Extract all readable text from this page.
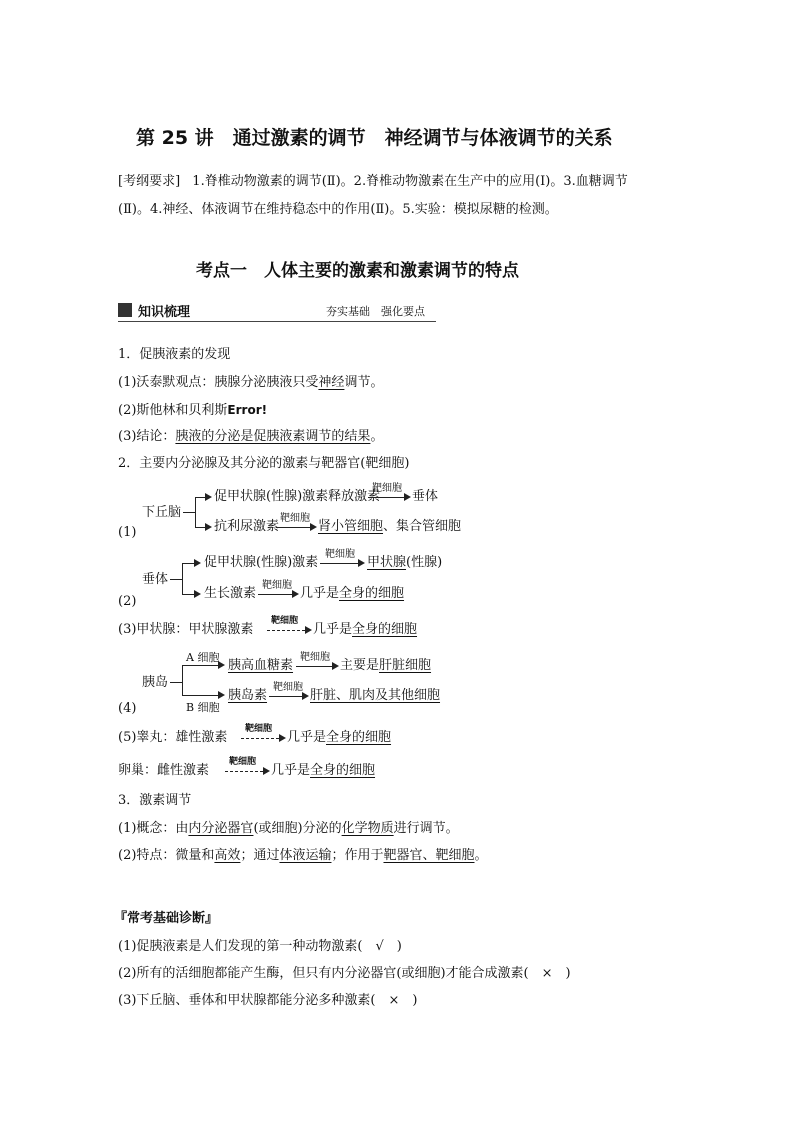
第 25 讲　通过激素的调节　神经调节与体液调节的关系
[考纲要求] 1.脊椎动物激素的调节(Ⅱ)。2.脊椎动物激素在生产中的应用(Ⅰ)。3.血糖调节
(Ⅱ)。4.神经、体液调节在维持稳态中的作用(Ⅱ)。5.实验：模拟尿糖的检测。
考点一　人体主要的激素和激素调节的特点
知识梳理	夯实基础　强化要点
1．促胰液素的发现
(1)沃泰默观点：胰腺分泌胰液只受神经调节。
(2)斯他林和贝利斯Error!
(3)结论：胰液的分泌是促胰液素调节的结果。
2．主要内分泌腺及其分泌的激素与靶器官(靶细胞)
下丘脑
(1)
促甲状腺(性腺)激素释放激素
靶细胞
垂体
抗利尿激素
靶细胞
肾小管细胞、集合管细胞
垂体
(2)
促甲状腺(性腺)激素
靶细胞
甲状腺(性腺)
生长激素
靶细胞
几乎是全身的细胞
(3)甲状腺：甲状腺激素
靶细胞
几乎是全身的细胞
A 细胞
胰岛
B 细胞
(4)
胰高血糖素
靶细胞
主要是肝脏细胞
胰岛素
靶细胞
肝脏、肌肉及其他细胞
(5)睾丸：雄性激素
靶细胞
几乎是全身的细胞
卵巢：雌性激素
靶细胞
几乎是全身的细胞
3．激素调节
(1)概念：由内分泌器官(或细胞)分泌的化学物质进行调节。
(2)特点：微量和高效；通过体液运输；作用于靶器官、靶细胞。
『常考基础诊断』
(1)促胰液素是人们发现的第一种动物激素(　√　)
(2)所有的活细胞都能产生酶，但只有内分泌器官(或细胞)才能合成激素(　×　)
(3)下丘脑、垂体和甲状腺都能分泌多种激素(　×　)
